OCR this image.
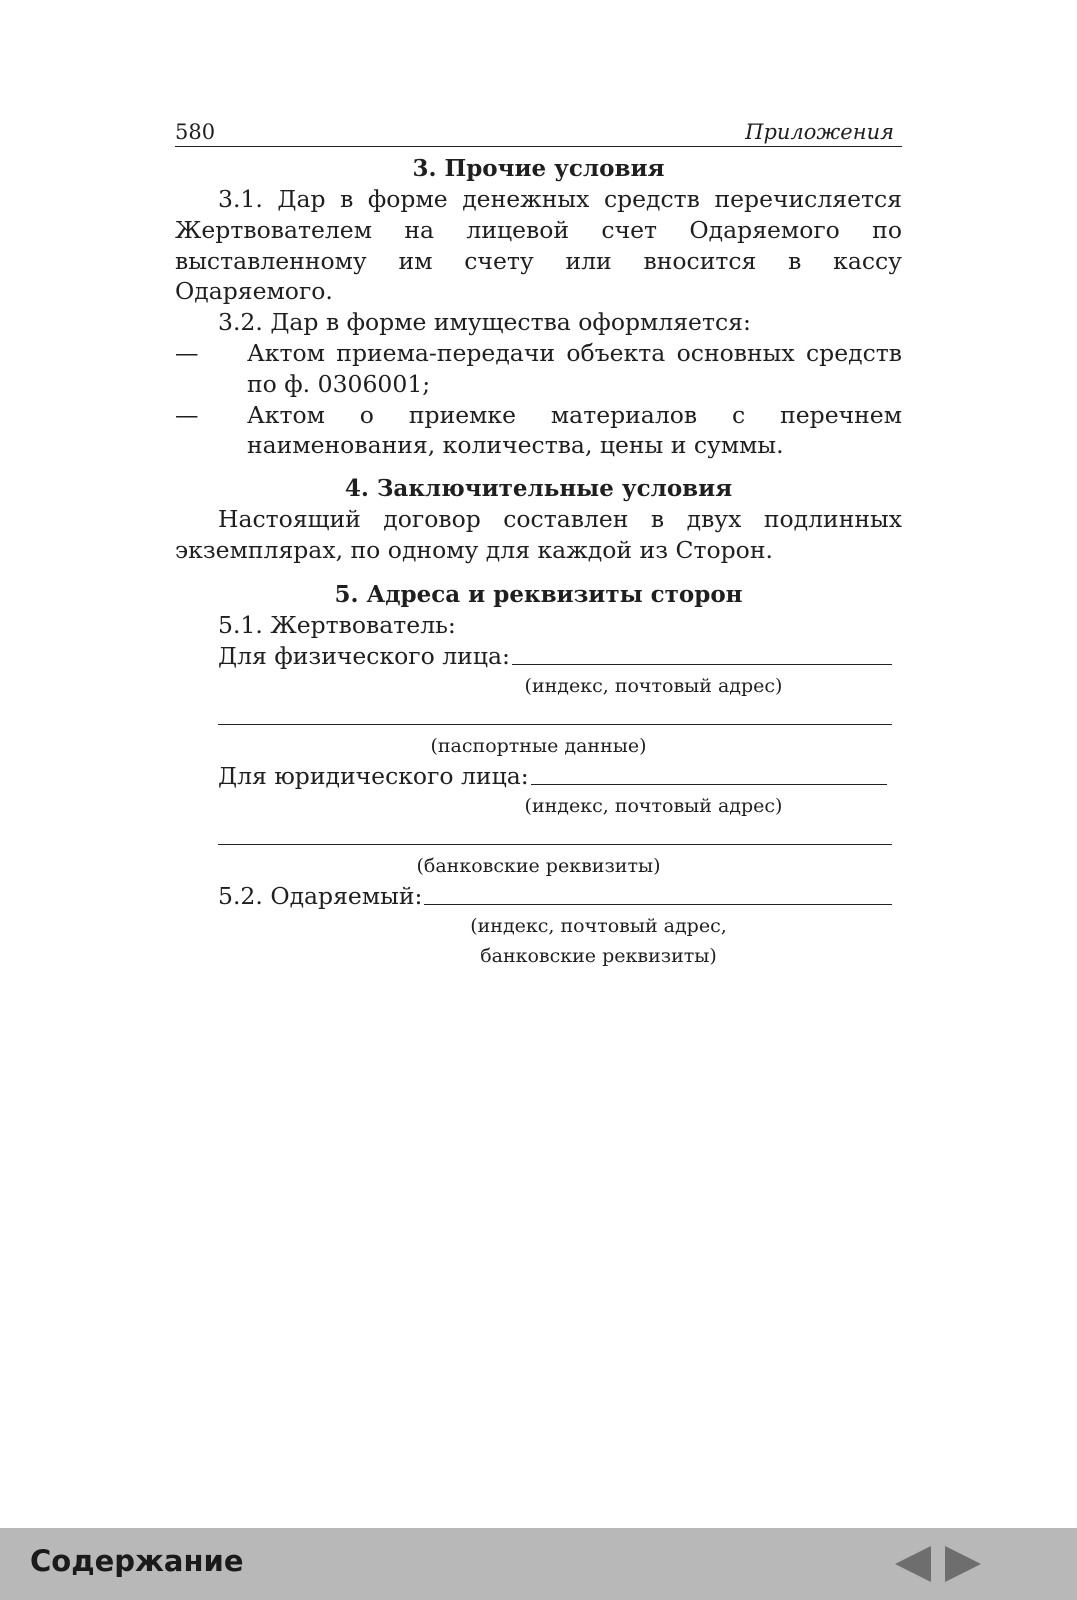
580	Приложения
3. Прочие условия
3.1. Дар в форме денежных средств перечисляется Жертвователем на лицевой счет Одаряемого по выставленному им счету или вносится в кассу Одаряемого.
3.2. Дар в форме имущества оформляется:
— Актом приема-передачи объекта основных средств по ф. 0306001;
— Актом о приемке материалов с перечнем наименования, количества, цены и суммы.
4. Заключительные условия
Настоящий договор составлен в двух подлинных экземплярах, по одному для каждой из Сторон.
5. Адреса и реквизиты сторон
5.1. Жертвователь:
Для физического лица:
(индекс, почтовый адрес)
(паспортные данные)
Для юридического лица:
(индекс, почтовый адрес)
(банковские реквизиты)
5.2. Одаряемый:
(индекс, почтовый адрес,
банковские реквизиты)
Содержание
